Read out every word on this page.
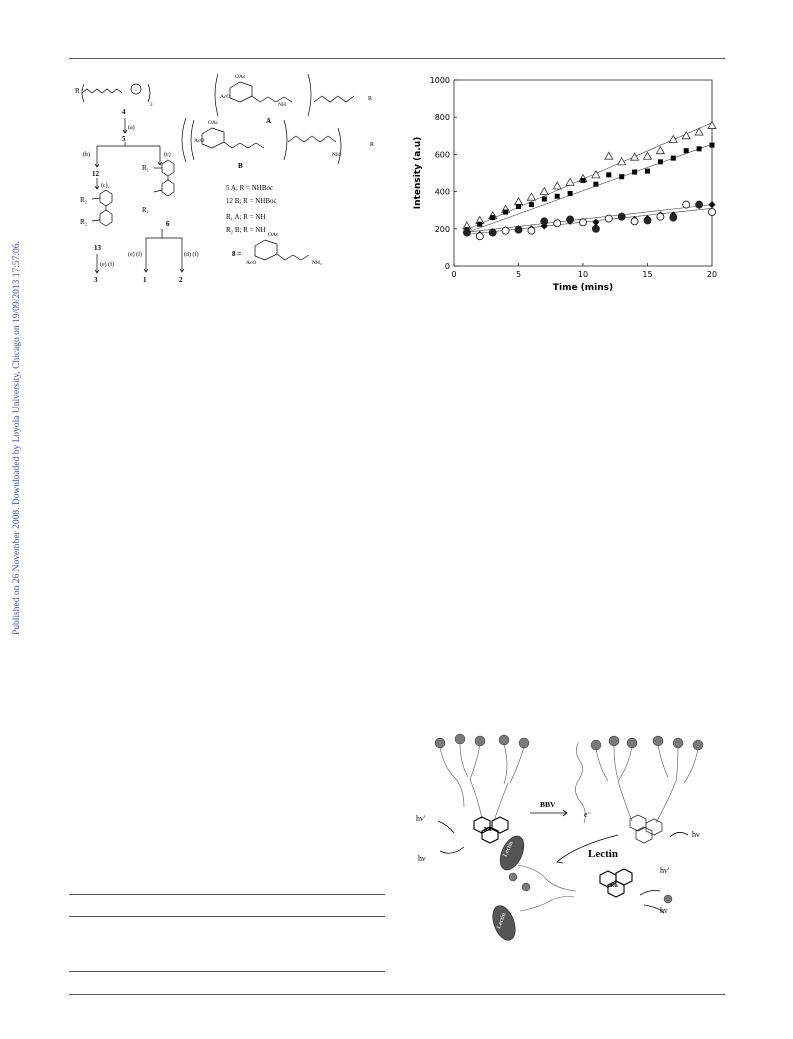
Published on 26 November 2008. Downloaded by Loyola University, Chicago on 19/09/2013 17:57:06.
R
3
4
(a)
5
(b)	(c)
12
(c),
R₂
R₂
13
(e) (f)
3
R₁
R₁
6
(e) (f)	(d) (f)
1	2
OAc
AcO
NH
R
A
OAc
AcO
NH
R
B
5 A; R = NHBoc
12 B; R = NHBoc
R₁ A; R = NH
R₂ B; R = NH
8 =
OAc
AcO	NH₂
0	5	10	15	20
0
200
400
600
800
1000
Time (mins)
Intensity (a.u)
Ru
Ru
Lectin
Lectin
hν′
hν
BBV
e⁻
Lectin
hν
hν′
hν
